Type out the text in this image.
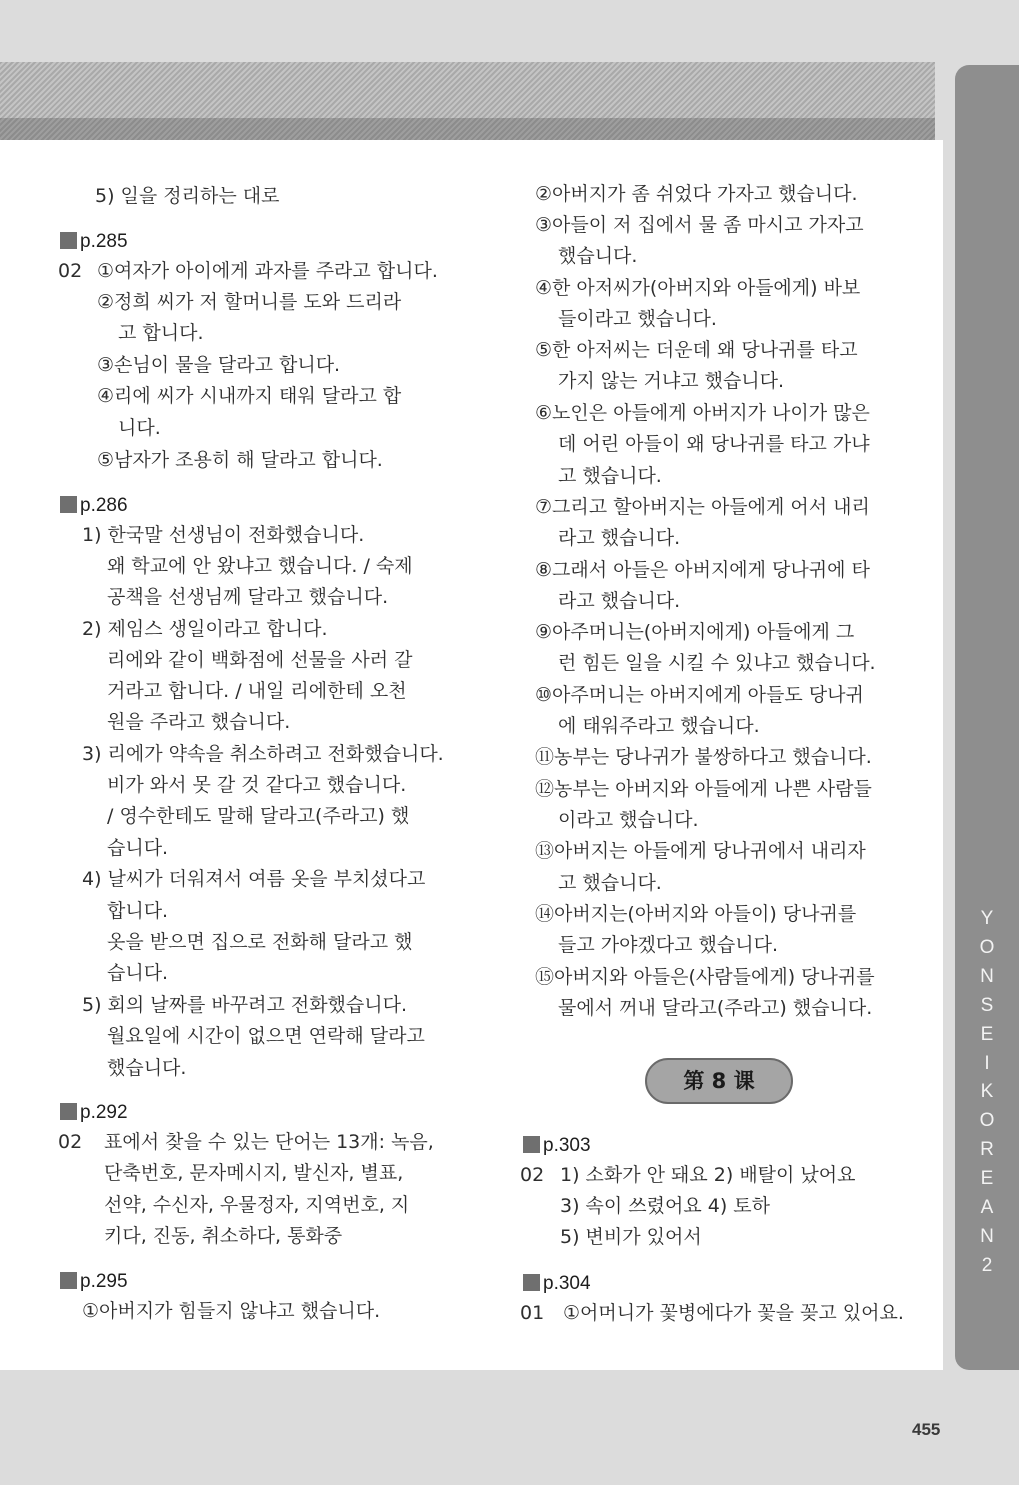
Y
O
N
S
E
I
K
O
R
E
A
N
2
5) 일을 정리하는 대로
p.285
02 ①여자가 아이에게 과자를 주라고 합니다.
②정희 씨가 저 할머니를 도와 드리라
고 합니다.
③손님이 물을 달라고 합니다.
④리에 씨가 시내까지 태워 달라고 합
니다.
⑤남자가 조용히 해 달라고 합니다.
p.286
1) 한국말 선생님이 전화했습니다.
왜 학교에 안 왔냐고 했습니다. / 숙제
공책을 선생님께 달라고 했습니다.
2) 제임스 생일이라고 합니다.
리에와 같이 백화점에 선물을 사러 갈
거라고 합니다. / 내일 리에한테 오천
원을 주라고 했습니다.
3) 리에가 약속을 취소하려고 전화했습니다.
비가 와서 못 갈 것 같다고 했습니다.
/ 영수한테도 말해 달라고(주라고) 했
습니다.
4) 날씨가 더워져서 여름 옷을 부치셨다고
합니다.
옷을 받으면 집으로 전화해 달라고 했
습니다.
5) 회의 날짜를 바꾸려고 전화했습니다.
월요일에 시간이 없으면 연락해 달라고
했습니다.
p.292
02 표에서 찾을 수 있는 단어는 13개: 녹음,
단축번호, 문자메시지, 발신자, 별표,
선약, 수신자, 우물정자, 지역번호, 지
키다, 진동, 취소하다, 통화중
p.295
①아버지가 힘들지 않냐고 했습니다.
②아버지가 좀 쉬었다 가자고 했습니다.
③아들이 저 집에서 물 좀 마시고 가자고
했습니다.
④한 아저씨가(아버지와 아들에게) 바보
들이라고 했습니다.
⑤한 아저씨는 더운데 왜 당나귀를 타고
가지 않는 거냐고 했습니다.
⑥노인은 아들에게 아버지가 나이가 많은
데 어린 아들이 왜 당나귀를 타고 가냐
고 했습니다.
⑦그리고 할아버지는 아들에게 어서 내리
라고 했습니다.
⑧그래서 아들은 아버지에게 당나귀에 타
라고 했습니다.
⑨아주머니는(아버지에게) 아들에게 그
런 힘든 일을 시킬 수 있냐고 했습니다.
⑩아주머니는 아버지에게 아들도 당나귀
에 태워주라고 했습니다.
⑪농부는 당나귀가 불쌍하다고 했습니다.
⑫농부는 아버지와 아들에게 나쁜 사람들
이라고 했습니다.
⑬아버지는 아들에게 당나귀에서 내리자
고 했습니다.
⑭아버지는(아버지와 아들이) 당나귀를
들고 가야겠다고 했습니다.
⑮아버지와 아들은(사람들에게) 당나귀를
물에서 꺼내 달라고(주라고) 했습니다.
第 8 课
p.303
02 1) 소화가 안 돼요 2) 배탈이 났어요
3) 속이 쓰렸어요 4) 토하
5) 변비가 있어서
p.304
01 ①어머니가 꽃병에다가 꽃을 꽂고 있어요.
455
